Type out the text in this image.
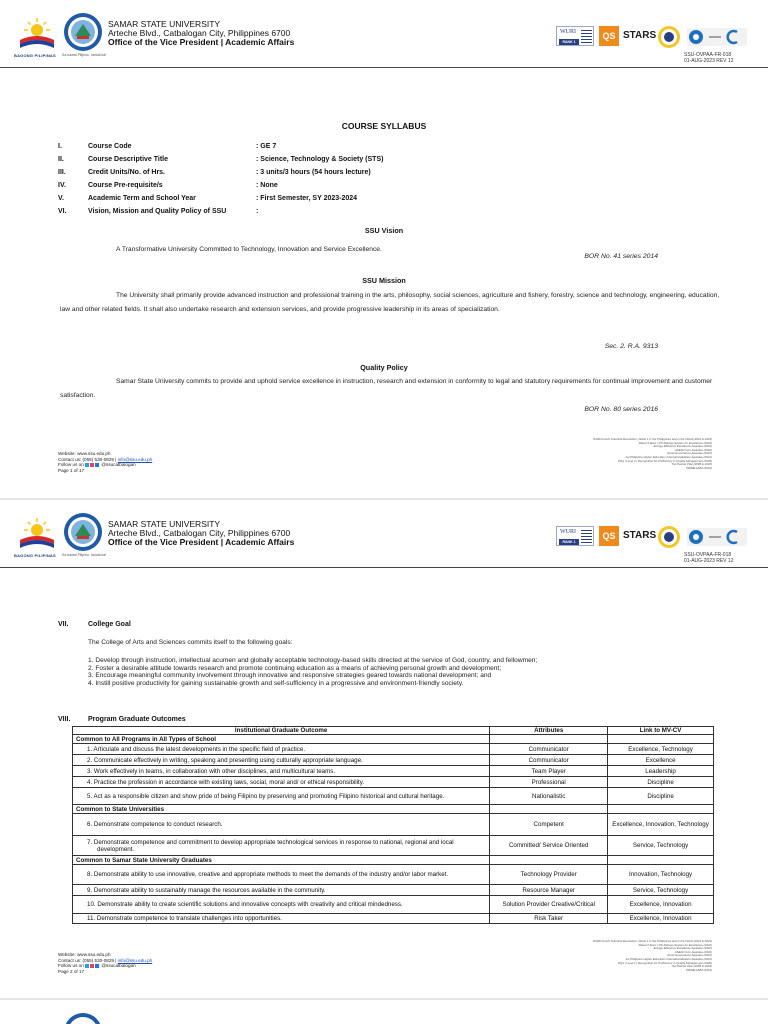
BAGONG PILIPINAS Sa bawat Pilipino, handa ka!
SAMAR STATE UNIVERSITY
Arteche Blvd., Catbalogan City, Philippines 6700
Office of the Vice President | Academic Affairs
WURI
RANK 1
QS STARS
SSU-OVPAA-FR-018
01-AUG-2023 REV 12
COURSE SYLLABUS
I.	Course Code	: GE 7
II.	Course Descriptive Title	: Science, Technology & Society (STS)
III.	Credit Units/No. of Hrs.	: 3 units/3 hours (54 hours lecture)
IV.	Course Pre-requisite/s	: None
V.	Academic Term and School Year	: First Semester, SY 2023-2024
VI.	Vision, Mission and Quality Policy of SSU	:
SSU Vision
A Transformative University Committed to Technology, Innovation and Service Excellence.
BOR No. 41 series 2014
SSU Mission
The University shall primarily provide advanced instruction and professional training in the arts, philosophy, social sciences, agriculture and fishery, forestry, science and technology, engineering, education, law and other related fields. It shall also undertake research and extension services, and provide progressive leadership in its areas of specialization.
Sec. 2. R.A. 9313
Quality Policy
Samar State University commits to provide and uphold service excellence in instruction, research and extension in conformity to legal and statutory requirements for continual improvement and customer satisfaction.
BOR No. 80 series 2016
Website: www.ssu.edu.ph
Contact us: (055) 530-0829 | info@ssu.edu.ph
Follow us on	@ssucatbalogan
Page 1 of 17
WURI Fourth Industrial Revolution | Rank 1 in the Philippines and in the World (2022 & 2023)
Rated 3 Stars | QS Ratings System for Excellence (2022)
Energy Efficiency Excellence Awardee (2022)
ASEAN Icon Awardee (2022)
Good Governance Awardee (2022)
1st Philippine Higher Education Internationalization Awardee (2021)
PQA | Level 2 | Recognition for Proficiency in Quality Management (2020)
Top Pasher Pilar (2008 & 2018)
PRIME-HRM (2019)
BAGONG PILIPINAS Sa bawat Pilipino, handa ka!
SAMAR STATE UNIVERSITY
Arteche Blvd., Catbalogan City, Philippines 6700
Office of the Vice President | Academic Affairs
WURI
RANK 1
QS STARS
SSU-OVPAA-FR-018
01-AUG-2023 REV 12
VII.	College Goal
The College of Arts and Sciences commits itself to the following goals:
1. Develop through instruction, intellectual acumen and globally acceptable technology-based skills directed at the service of God, country, and fellowmen;
2. Foster a desirable attitude towards research and promote continuing education as a means of achieving personal growth and development;
3. Encourage meaningful community involvement through innovative and responsive strategies geared towards national development; and
4. Instill positive productivity for gaining sustainable growth and self-sufficiency in a progressive and environment-friendly society.
VIII.	Program Graduate Outcomes
Institutional Graduate Outcome	Attributes	Link to MV-CV
Common to All Programs in All Types of School		
1. Articulate and discuss the latest developments in the specific field of practice.	Communicator	Excellence, Technology
2. Communicate effectively in writing, speaking and presenting using culturally appropriate language.	Communicator	Excellence
3. Work effectively in teams, in collaboration with other disciplines, and multicultural teams.	Team Player	Leadership
4. Practice the profession in accordance with existing laws, social, moral and/ or ethical responsibility.	Professional	Discipline
5. Act as a responsible citizen and show pride of being Filipino by preserving and promoting Filipino historical and cultural heritage.	Nationalistic	Discipline
Common to State Universities		
6. Demonstrate competence to conduct research.	Competent	Excellence, Innovation, Technology
7. Demonstrate competence and commitment to develop appropriate technological services in response to national, regional and local development.	Committed/ Service Oriented	Service, Technology
Common to Samar State University Graduates		
8. Demonstrate ability to use innovative, creative and appropriate methods to meet the demands of the industry and/or labor market.	Technology Provider	Innovation, Technology
9. Demonstrate ability to sustainably manage the resources available in the community.	Resource Manager	Service, Technology
10. Demonstrate ability to create scientific solutions and innovative concepts with creativity and critical mindedness.	Solution Provider Creative/Critical	Excellence, Innovation
11. Demonstrate competence to translate challenges into opportunities.	Risk Taker	Excellence, Innovation
Website: www.ssu.edu.ph
Contact us: (055) 530-0829 | info@ssu.edu.ph
Follow us on	@ssucatbalogan
Page 2 of 17
WURI Fourth Industrial Revolution | Rank 1 in the Philippines and in the World (2022 & 2023)
Rated 3 Stars | QS Ratings System for Excellence (2022)
Energy Efficiency Excellence Awardee (2022)
ASEAN Icon Awardee (2022)
Good Governance Awardee (2022)
1st Philippine Higher Education Internationalization Awardee (2021)
PQA | Level 2 | Recognition for Proficiency in Quality Management (2020)
Top Pasher Pilar (2008 & 2018)
PRIME-HRM (2019)
